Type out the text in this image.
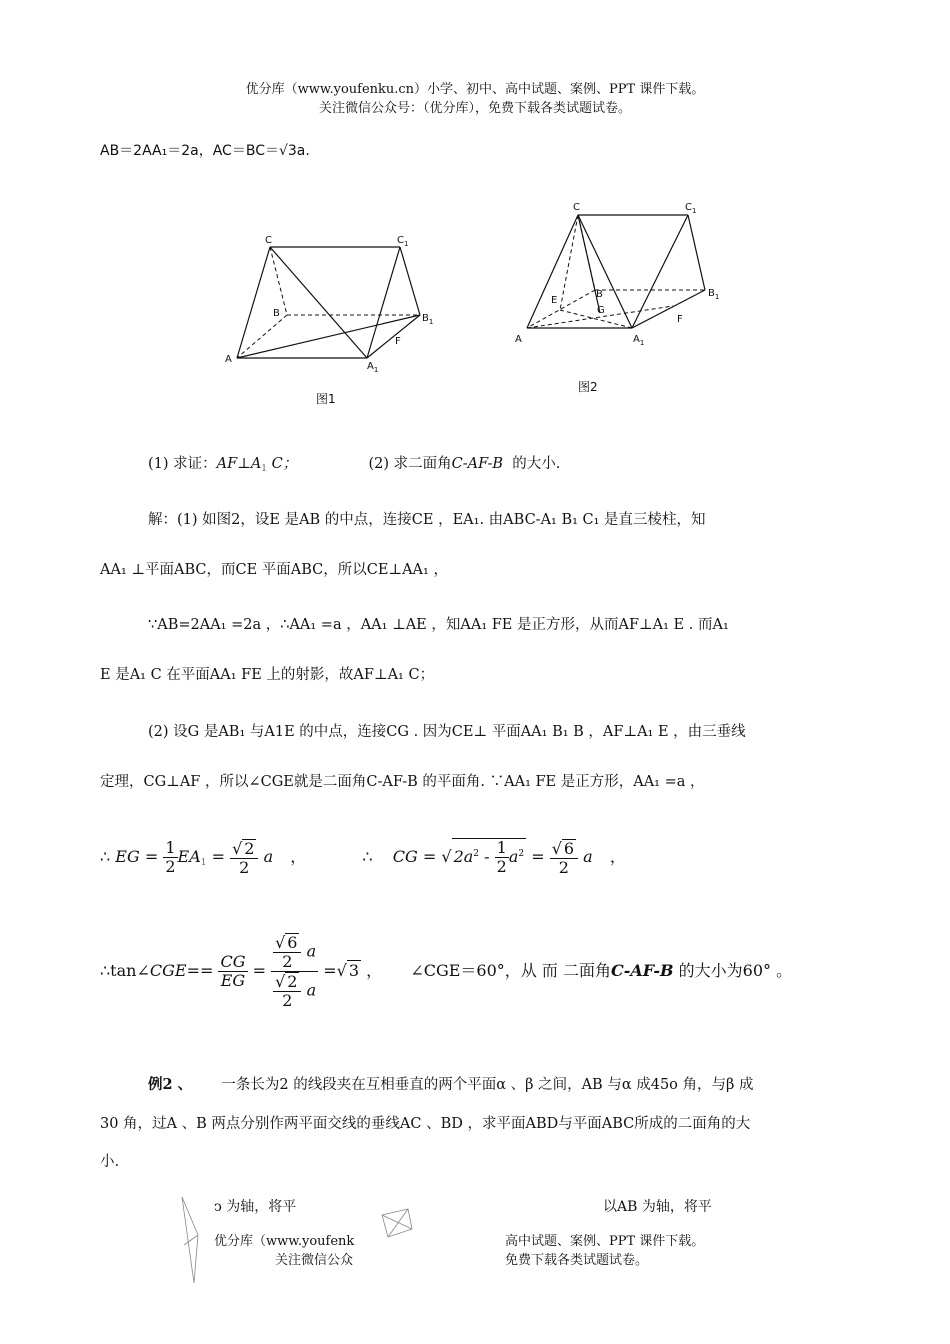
优分库（www.youfenku.cn）小学、初中、高中试题、案例、PPT 课件下载。
关注微信公众号：（优分库），免费下载各类试题试卷。
AB＝2AA₁＝2a，AC＝BC＝√3a.
C	$C_1$
B	$B_1$
A
$A_1$
F
图1
C	$C_1$
B	$B_1$
A	$A_1$
E
G
F
图2
(1) 求证：$AF\perp A_1$ C；	(2) 求二面角C-AF-B 的大小.
解：(1) 如图2，设E 是AB 的中点，连接CE ，EA₁. 由ABC-A₁ B₁ C₁ 是直三棱柱，知
AA₁ ⊥平面ABC，而CE 平面ABC，所以CE⊥AA₁ ，
∵AB=2AA₁ =2a ，∴AA₁ =a ，AA₁ ⊥AE ，知AA₁ FE 是正方形，从而AF⊥A₁ E . 而A₁
E 是A₁ C 在平面AA₁ FE 上的射影，故AF⊥A₁ C；
(2) 设G 是AB₁ 与A1E 的中点，连接CG . 因为CE⊥ 平面AA₁ B₁ B ，AF⊥A₁ E ，由三垂线
定理，CG⊥AF ，所以∠CGE就是二面角C-AF-B 的平面角. ∵AA₁ FE 是正方形，AA₁ =a ，
∴ EG = $\frac{1}{2} EA_1 = \frac{√ 2}{2}$ a ，	∴ CG = √ $2a^2 - \frac{1}{2} a^2 = \frac{√ 6}{2}$ a ，
∴tan∠CGE== $\frac{CG}{EG} = \frac{\frac{√ 6}{2} a}{\frac{√ 2}{2} a}$ =√ 3 ， ∠CGE＝60°，从 而 二面角C-AF-B 的大小为60° 。
例2 、 一条长为2 的线段夹在互相垂直的两个平面α 、β 之间，AB 与α 成45o 角，与β 成
30 角，过A 、B 两点分别作两平面交线的垂线AC 、BD ，求平面ABD与平面ABC所成的二面角的大
小.
ↄ 为轴，将平	以AB 为轴，将平
优分库（www.youfenk	高中试题、案例、PPT 课件下载。
关注微信公众	免费下载各类试题试卷。
